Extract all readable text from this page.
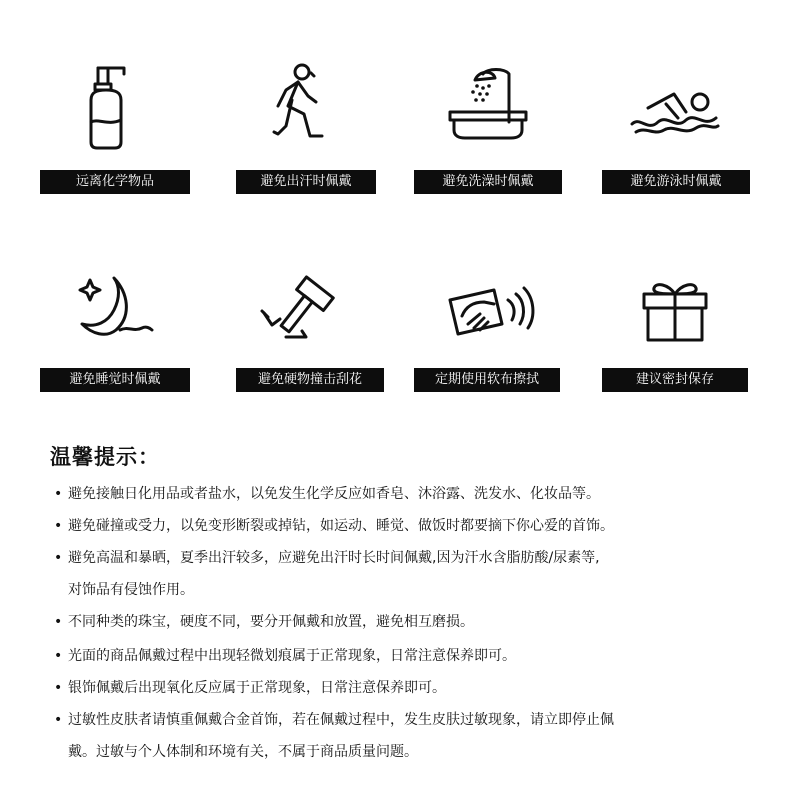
远离化学物品	避免出汗时佩戴	避免洗澡时佩戴	避免游泳时佩戴
避免睡觉时佩戴	避免硬物撞击刮花	定期使用软布擦拭	建议密封保存
温馨提示：
• 避免接触日化用品或者盐水，以免发生化学反应如香皂、沐浴露、洗发水、化妆品等。
• 避免碰撞或受力，以免变形断裂或掉钻，如运动、睡觉、做饭时都要摘下你心爱的首饰。
• 避免高温和暴晒，夏季出汗较多，应避免出汗时长时间佩戴,因为汗水含脂肪酸/尿素等,
对饰品有侵蚀作用。
• 不同种类的珠宝，硬度不同，要分开佩戴和放置，避免相互磨损。
• 光面的商品佩戴过程中出现轻微划痕属于正常现象，日常注意保养即可。
• 银饰佩戴后出现氧化反应属于正常现象，日常注意保养即可。
• 过敏性皮肤者请慎重佩戴合金首饰，若在佩戴过程中，发生皮肤过敏现象，请立即停止佩
戴。过敏与个人体制和环境有关，不属于商品质量问题。
